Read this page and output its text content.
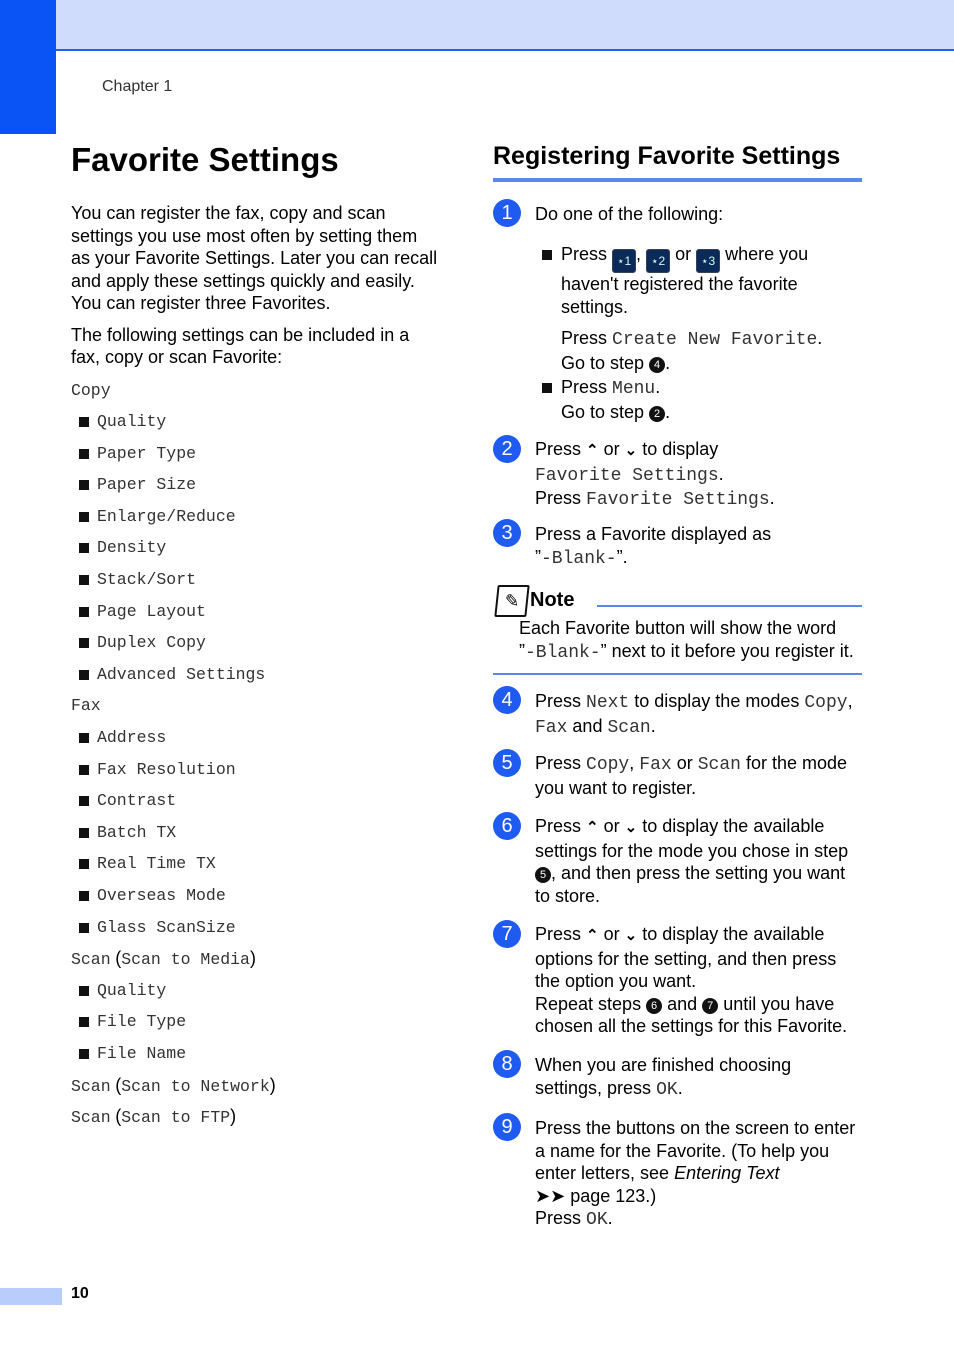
Chapter 1
Favorite Settings

You can register the fax, copy and scan settings you use most often by setting them as your Favorite Settings. Later you can recall and apply these settings quickly and easily. You can register three Favorites.

The following settings can be included in a fax, copy or scan Favorite:

Copy
Quality
Paper Type
Paper Size
Enlarge/Reduce
Density
Stack/Sort
Page Layout
Duplex Copy
Advanced Settings
Fax
Address
Fax Resolution
Contrast
Batch TX
Real Time TX
Overseas Mode
Glass ScanSize
Scan (Scan to Media)
Quality
File Type
File Name
Scan (Scan to Network)
Scan (Scan to FTP)
Registering Favorite Settings
1	Do one of the following:
Press ⋆1 , ⋆2 or ⋆3 where you haven't registered the favorite settings.
Press Create New Favorite.
Go to step 4 .
Press Menu.
Go to step 2 .
2	Press ⌃ or ⌄ to display
Favorite Settings.
Press Favorite Settings.
3	Press a Favorite displayed as
”-Blank-”.
✎ Note
Each Favorite button will show the word
”-Blank-” next to it before you register it.
4	Press Next to display the modes Copy,
Fax and Scan.
5	Press Copy, Fax or Scan for the mode you want to register.
6	Press ⌃ or ⌄ to display the available settings for the mode you chose in step 5 , and then press the setting you want to store.
7	Press ⌃ or ⌄ to display the available options for the setting, and then press the option you want.
Repeat steps 6 and 7 until you have chosen all the settings for this Favorite.
8	When you are finished choosing settings, press OK.
9	Press the buttons on the screen to enter a name for the Favorite. (To help you enter letters, see Entering Text
➤➤ page 123.)
Press OK.
10
